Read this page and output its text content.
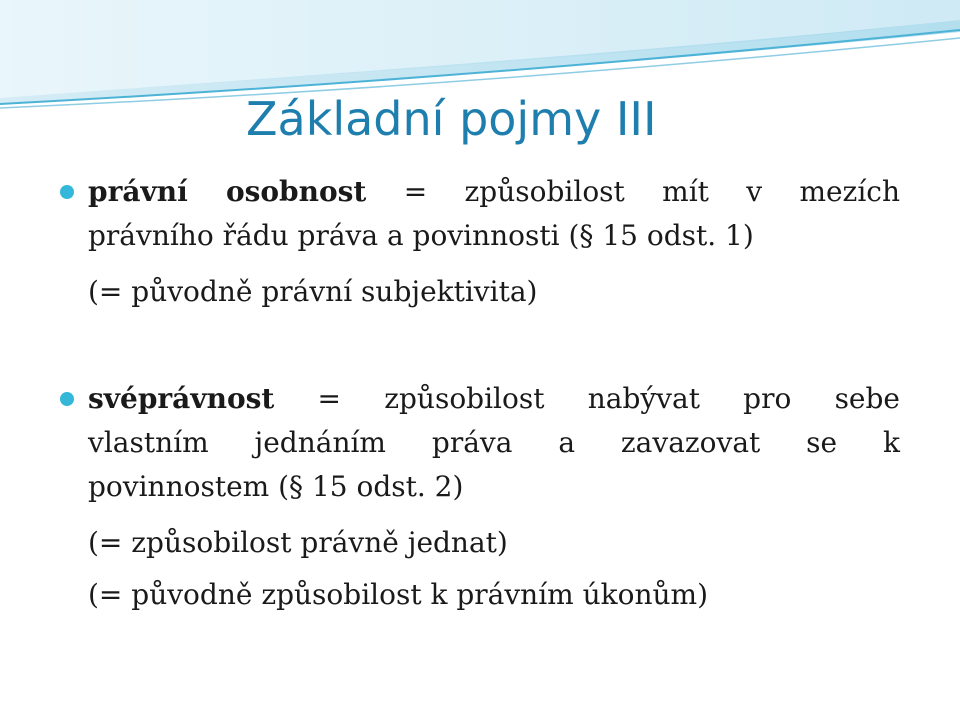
Základní pojmy III
právní osobnost = způsobilost mít v mezích
právního řádu práva a povinnosti (§ 15 odst. 1)

(= původně právní subjektivita)

svéprávnost = způsobilost nabývat pro sebe
vlastním jednáním práva a zavazovat se k
povinnostem (§ 15 odst. 2)

(= způsobilost právně jednat)

(= původně způsobilost k právním úkonům)
